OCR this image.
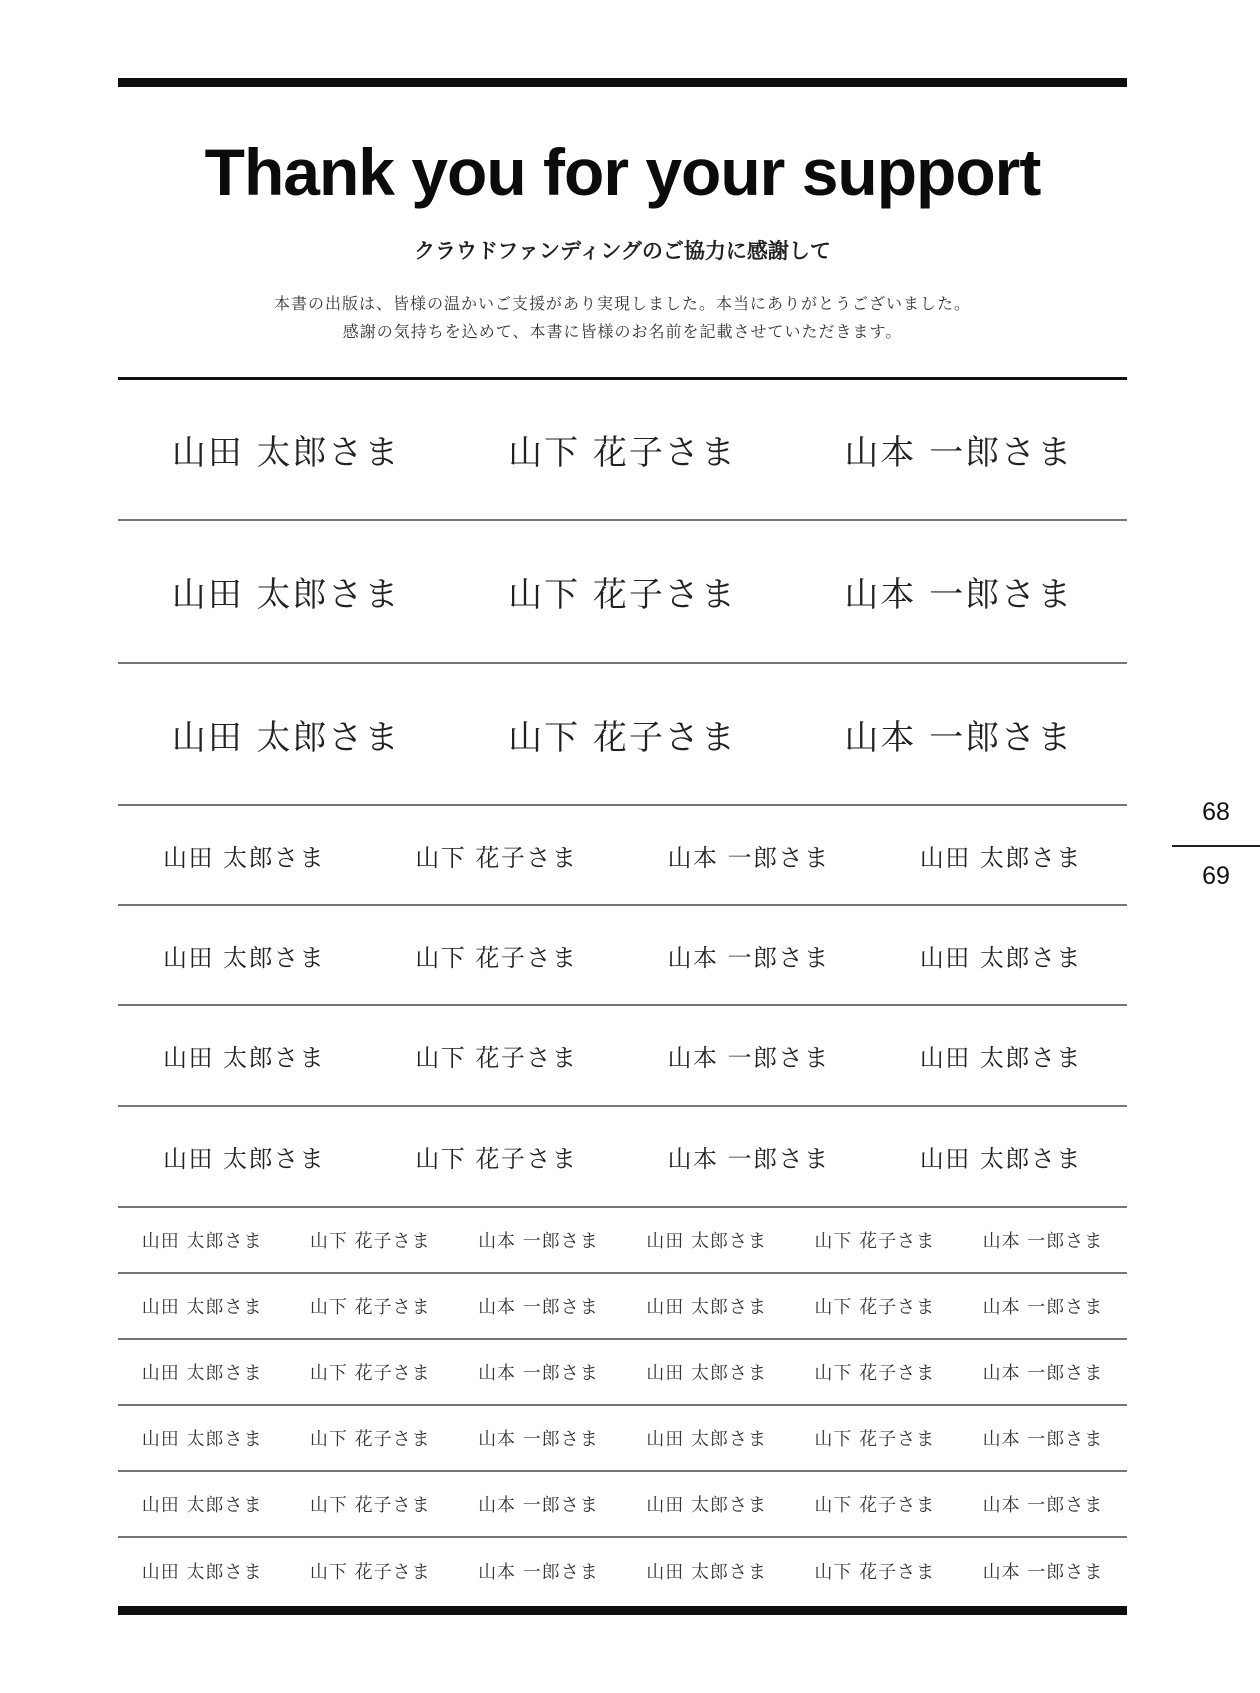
Thank you for your support
クラウドファンディングのご協力に感謝して
本書の出版は、皆様の温かいご支援があり実現しました。本当にありがとうございました。
感謝の気持ちを込めて、本書に皆様のお名前を記載させていただきます。
山田 太郎さま	山下 花子さま	山本 一郎さま
山田 太郎さま	山下 花子さま	山本 一郎さま
山田 太郎さま	山下 花子さま	山本 一郎さま
山田 太郎さま	山下 花子さま	山本 一郎さま	山田 太郎さま
山田 太郎さま	山下 花子さま	山本 一郎さま	山田 太郎さま
山田 太郎さま	山下 花子さま	山本 一郎さま	山田 太郎さま
山田 太郎さま	山下 花子さま	山本 一郎さま	山田 太郎さま
山田 太郎さま	山下 花子さま	山本 一郎さま	山田 太郎さま	山下 花子さま	山本 一郎さま
山田 太郎さま	山下 花子さま	山本 一郎さま	山田 太郎さま	山下 花子さま	山本 一郎さま
山田 太郎さま	山下 花子さま	山本 一郎さま	山田 太郎さま	山下 花子さま	山本 一郎さま
山田 太郎さま	山下 花子さま	山本 一郎さま	山田 太郎さま	山下 花子さま	山本 一郎さま
山田 太郎さま	山下 花子さま	山本 一郎さま	山田 太郎さま	山下 花子さま	山本 一郎さま
山田 太郎さま	山下 花子さま	山本 一郎さま	山田 太郎さま	山下 花子さま	山本 一郎さま
68
69
